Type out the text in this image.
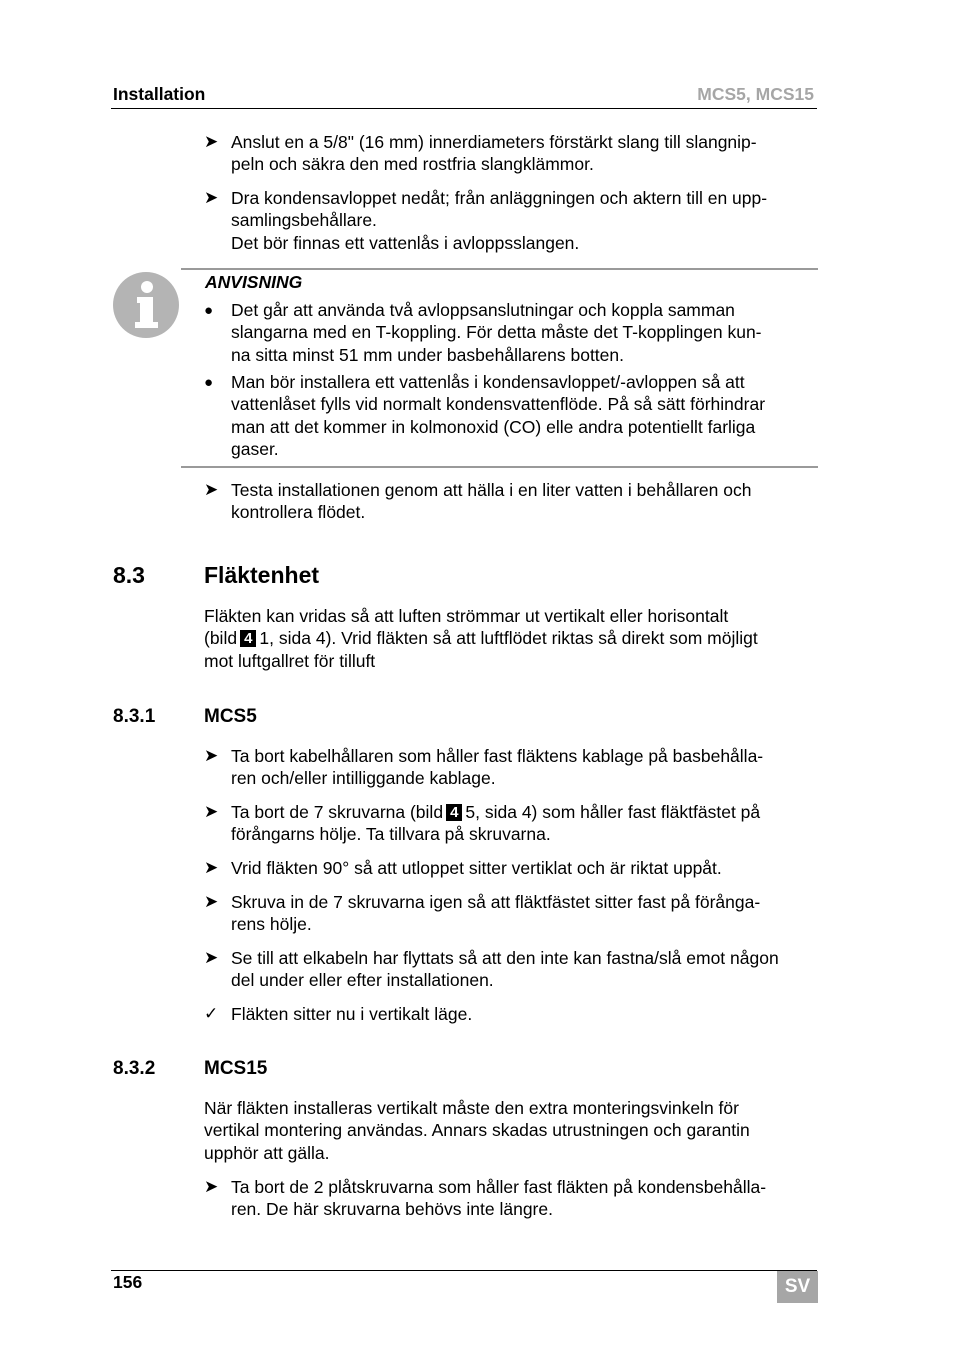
Installation	MCS5, MCS15
➤ Anslut en a 5/8" (16 mm) innerdiameters förstärkt slang till slangnip-
peln och säkra den med rostfria slangklämmor.
➤ Dra kondensavloppet nedåt; från anläggningen och aktern till en upp-
samlingsbehållare.
Det bör finnas ett vattenlås i avloppsslangen.
ANVISNING
●	Det går att använda två avloppsanslutningar och koppla samman
slangarna med en T-koppling. För detta måste det T-kopplingen kun-
na sitta minst 51 mm under basbehållarens botten.
●	Man bör installera ett vattenlås i kondensavloppet/-avloppen så att
vattenlåset fylls vid normalt kondensvattenflöde. På så sätt förhindrar
man att det kommer in kolmonoxid (CO) elle andra potentiellt farliga
gaser.
➤ Testa installationen genom att hälla i en liter vatten i behållaren och
kontrollera flödet.
8.3	Fläktenhet
Fläkten kan vridas så att luften strömmar ut vertikalt eller horisontalt
(bild 4 1, sida 4). Vrid fläkten så att luftflödet riktas så direkt som möjligt
mot luftgallret för tilluft
8.3.1	MCS5
➤ Ta bort kabelhållaren som håller fast fläktens kablage på basbehålla-
ren och/eller intilliggande kablage.
➤ Ta bort de 7 skruvarna (bild 4 5, sida 4) som håller fast fläktfästet på
förångarns hölje. Ta tillvara på skruvarna.
➤ Vrid fläkten 90° så att utloppet sitter vertiklat och är riktat uppåt.
➤ Skruva in de 7 skruvarna igen så att fläktfästet sitter fast på förånga-
rens hölje.
➤ Se till att elkabeln har flyttats så att den inte kan fastna/slå emot någon
del under eller efter installationen.
✓ Fläkten sitter nu i vertikalt läge.
8.3.2	MCS15
När fläkten installeras vertikalt måste den extra monteringsvinkeln för
vertikal montering användas. Annars skadas utrustningen och garantin
upphör att gälla.
➤ Ta bort de 2 plåtskruvarna som håller fast fläkten på kondensbehålla-
ren. De här skruvarna behövs inte längre.
156	SV
